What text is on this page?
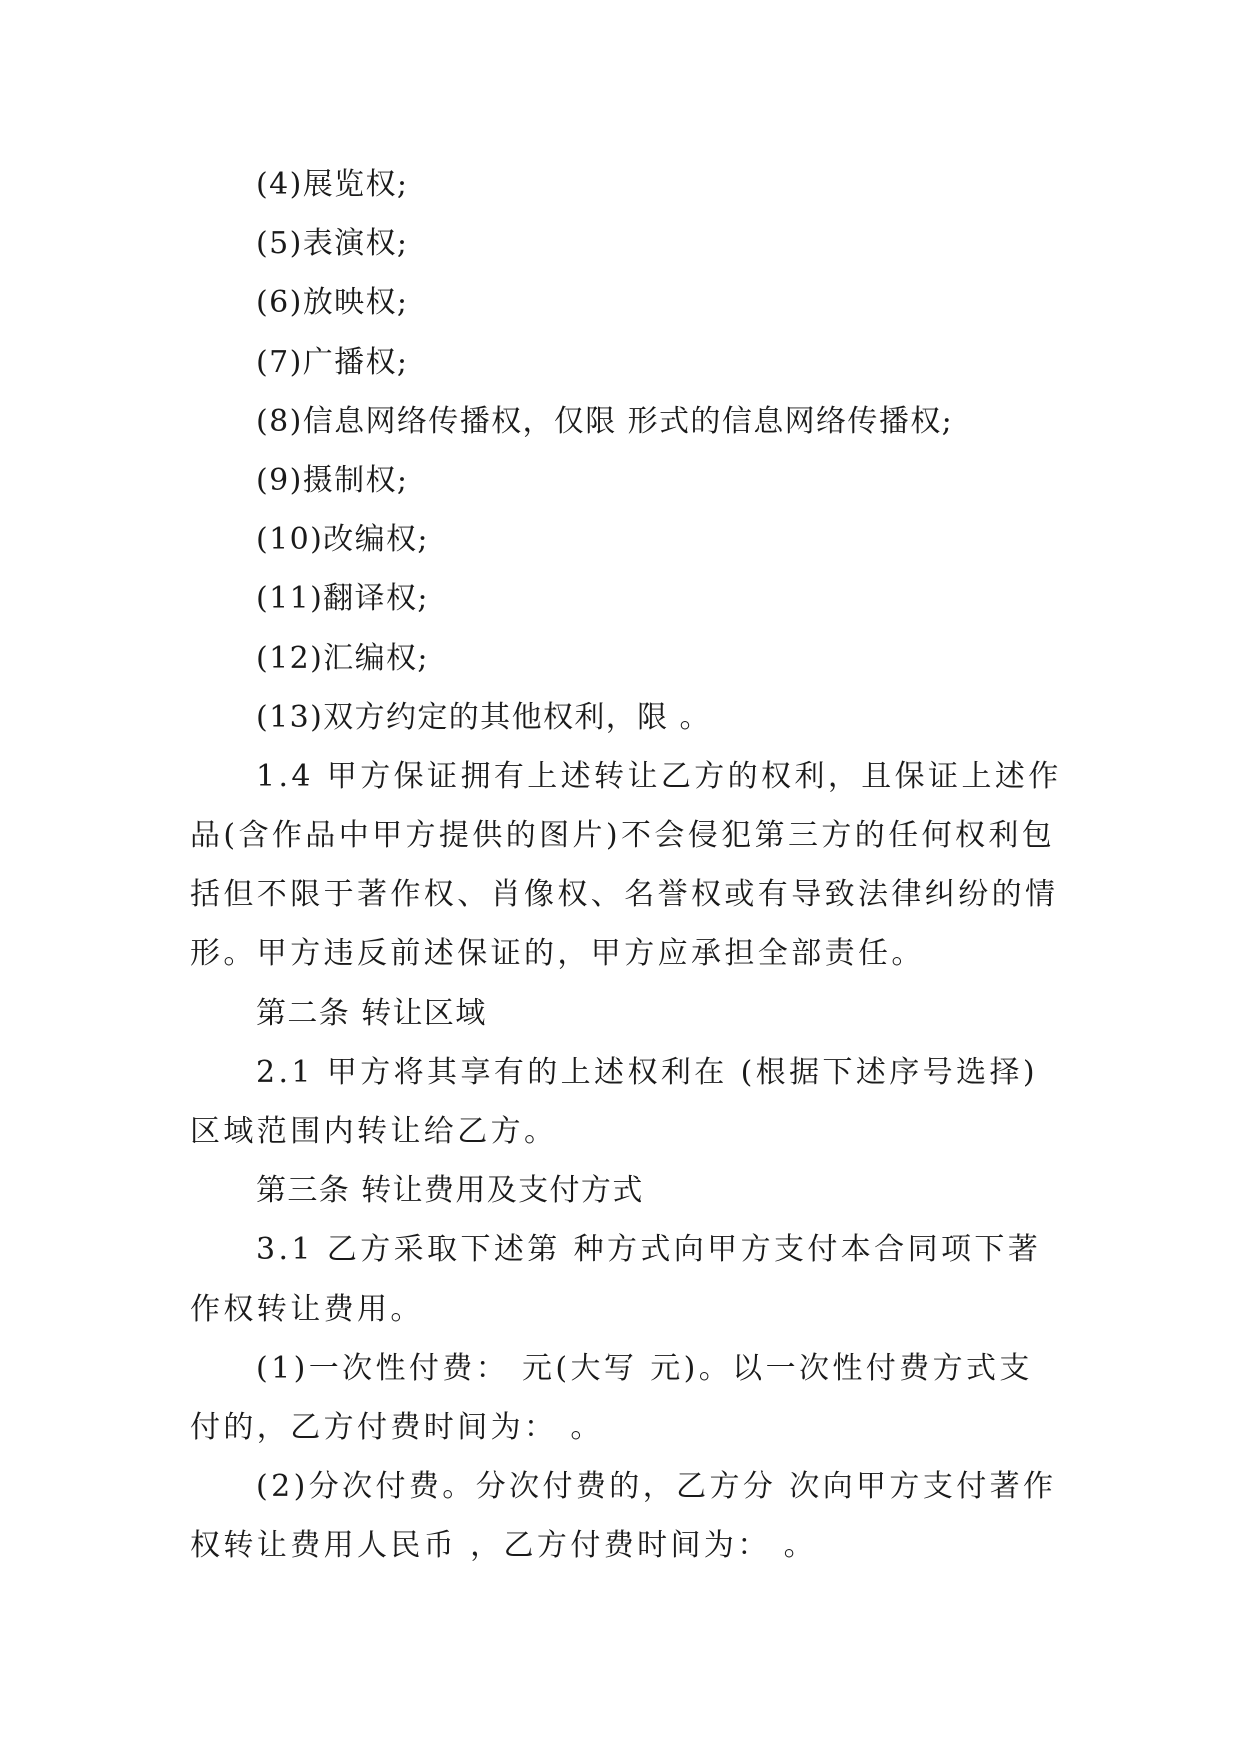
(4)展览权;
(5)表演权;
(6)放映权;
(7)广播权;
(8)信息网络传播权，仅限 形式的信息网络传播权;
(9)摄制权;
(10)改编权;
(11)翻译权;
(12)汇编权;
(13)双方约定的其他权利，限 。
1.4 甲方保证拥有上述转让乙方的权利，且保证上述作
品(含作品中甲方提供的图片)不会侵犯第三方的任何权利包
括但不限于著作权、肖像权、名誉权或有导致法律纠纷的情
形。甲方违反前述保证的，甲方应承担全部责任。
第二条 转让区域
2.1 甲方将其享有的上述权利在 (根据下述序号选择)
区域范围内转让给乙方。
第三条 转让费用及支付方式
3.1 乙方采取下述第 种方式向甲方支付本合同项下著
作权转让费用。
(1)一次性付费： 元(大写 元)。以一次性付费方式支
付的，乙方付费时间为： 。
(2)分次付费。分次付费的，乙方分 次向甲方支付著作
权转让费用人民币 ，乙方付费时间为： 。
